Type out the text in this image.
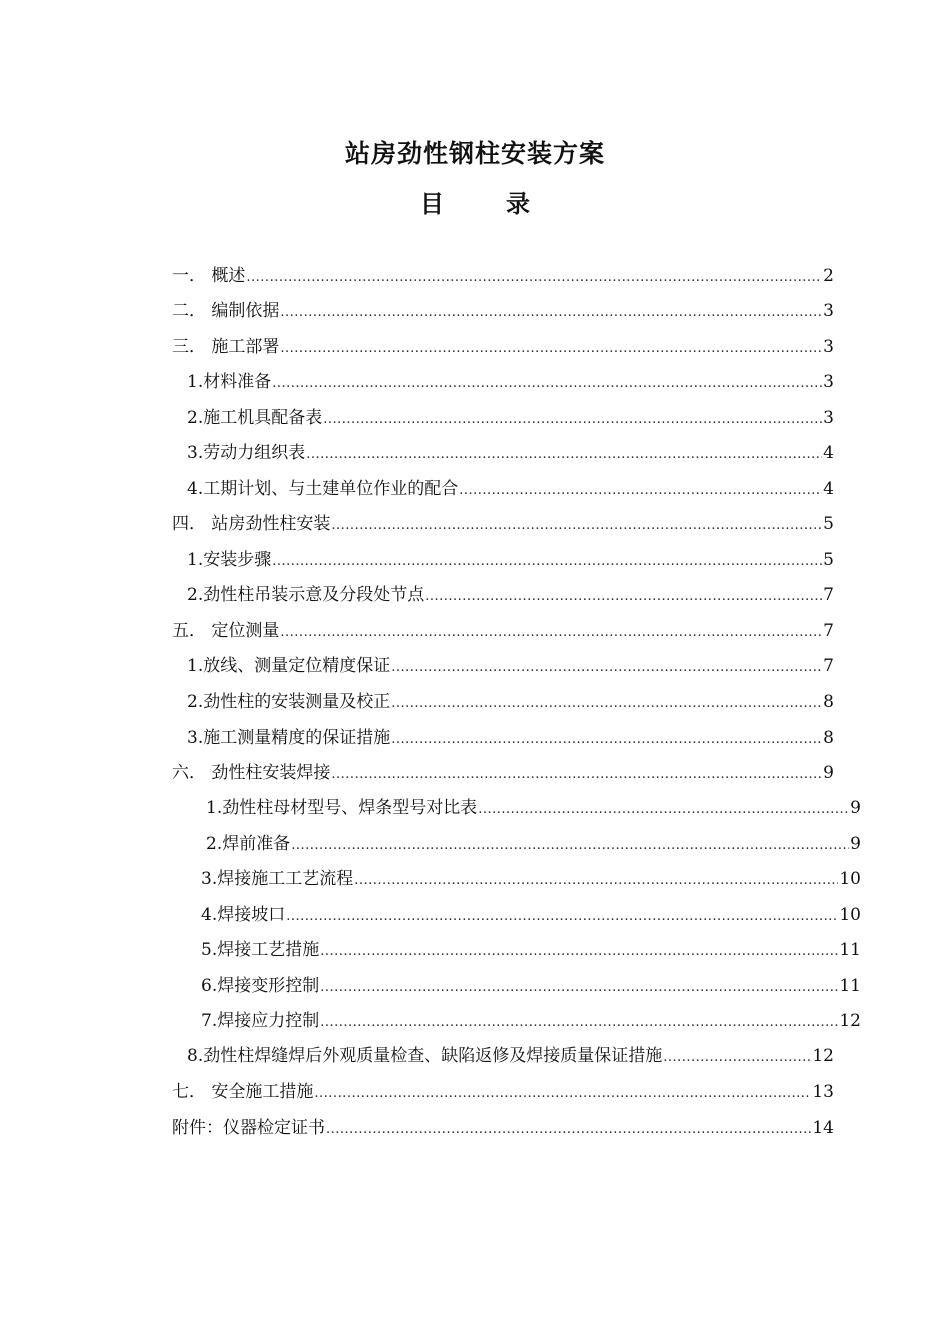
站房劲性钢柱安装方案
目	录
一． 概述 .....	2
二． 编制依据 .....	3
三． 施工部署 .....	3
1.材料准备 .....	3
2.施工机具配备表 .....	3
3.劳动力组织表 .....	4
4.工期计划、与土建单位作业的配合 .....	4
四． 站房劲性柱安装 .....	5
1.安装步骤 .....	5
2.劲性柱吊装示意及分段处节点 .....	7
五． 定位测量 .....	7
1.放线、测量定位精度保证 .....	7
2.劲性柱的安装测量及校正 .....	8
3.施工测量精度的保证措施 .....	8
六． 劲性柱安装焊接 .....	9
1.劲性柱母材型号、焊条型号对比表 .....	9
2.焊前准备 .....	9
3.焊接施工工艺流程 .....	10
4.焊接坡口 .....	10
5.焊接工艺措施 .....	11
6.焊接变形控制 .....	11
7.焊接应力控制 .....	12
8.劲性柱焊缝焊后外观质量检查、缺陷返修及焊接质量保证措施 .....	12
七． 安全施工措施 .....	13
附件：仪器检定证书 .....	14
